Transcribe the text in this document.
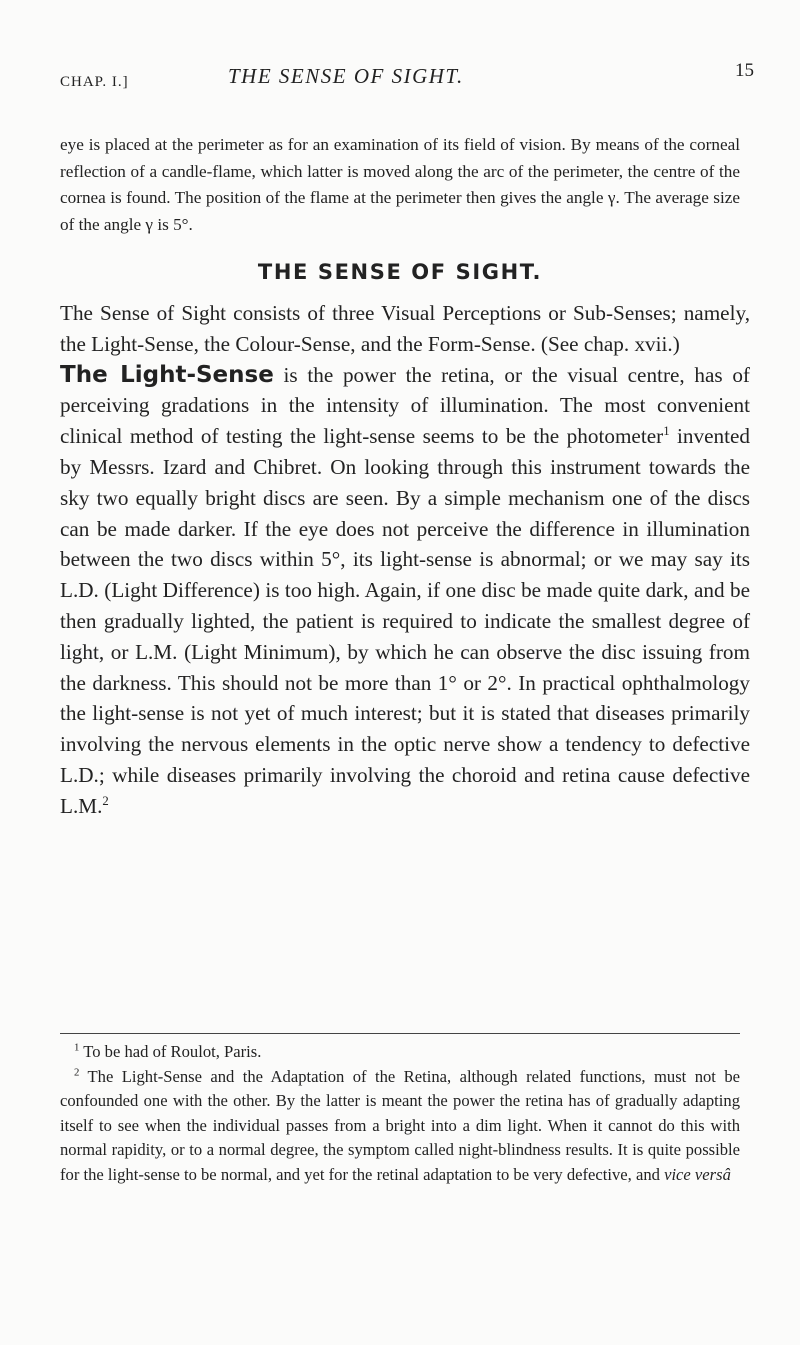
CHAP. I.]	THE SENSE OF SIGHT.	15
eye is placed at the perimeter as for an examination of its field of vision. By means of the corneal reflection of a candle-flame, which latter is moved along the arc of the perimeter, the centre of the cornea is found. The position of the flame at the perimeter then gives the angle γ. The average size of the angle γ is 5°.
THE SENSE OF SIGHT.

The Sense of Sight consists of three Visual Perceptions or Sub-Senses; namely, the Light-Sense, the Colour-Sense, and the Form-Sense. (See chap. xvii.)

The Light-Sense is the power the retina, or the visual centre, has of perceiving gradations in the intensity of illumination. The most convenient clinical method of testing the light-sense seems to be the photometer$^1$ invented by Messrs. Izard and Chibret. On looking through this instrument towards the sky two equally bright discs are seen. By a simple mechanism one of the discs can be made darker. If the eye does not perceive the difference in illumination between the two discs within 5°, its light-sense is abnormal; or we may say its L.D. (Light Difference) is too high. Again, if one disc be made quite dark, and be then gradually lighted, the patient is required to indicate the smallest degree of light, or L.M. (Light Minimum), by which he can observe the disc issuing from the darkness. This should not be more than 1° or 2°. In practical ophthalmology the light-sense is not yet of much interest; but it is stated that diseases primarily involving the nervous elements in the optic nerve show a tendency to defective L.D.; while diseases primarily involving the choroid and retina cause defective L.M.$^2$

$^1$ To be had of Roulot, Paris.

$^2$ The Light-Sense and the Adaptation of the Retina, although related functions, must not be confounded one with the other. By the latter is meant the power the retina has of gradually adapting itself to see when the individual passes from a bright into a dim light. When it cannot do this with normal rapidity, or to a normal degree, the symptom called night-blindness results. It is quite possible for the light-sense to be normal, and yet for the retinal adaptation to be very defective, and vice versâ
